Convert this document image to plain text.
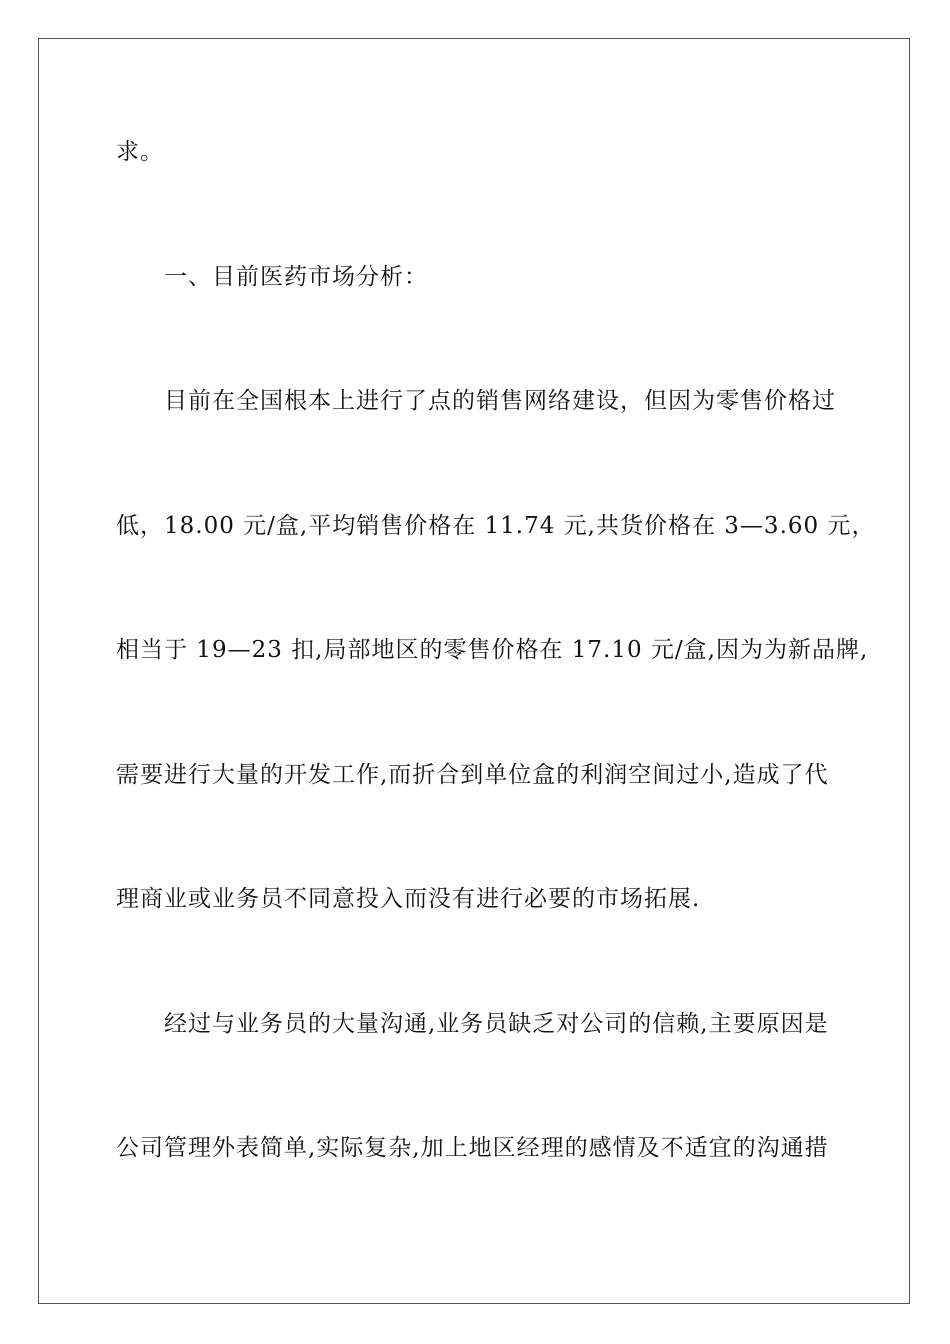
求。

一、目前医药市场分析：

目前在全国根本上进行了点的销售网络建设，但因为零售价格过

低，18.00 元/盒,平均销售价格在 11.74 元,共货价格在 3—3.60 元，

相当于 19—23 扣,局部地区的零售价格在 17.10 元/盒,因为为新品牌,

需要进行大量的开发工作,而折合到单位盒的利润空间过小,造成了代

理商业或业务员不同意投入而没有进行必要的市场拓展.

经过与业务员的大量沟通,业务员缺乏对公司的信赖,主要原因是

公司管理外表简单,实际复杂,加上地区经理的感情及不适宜的沟通措
